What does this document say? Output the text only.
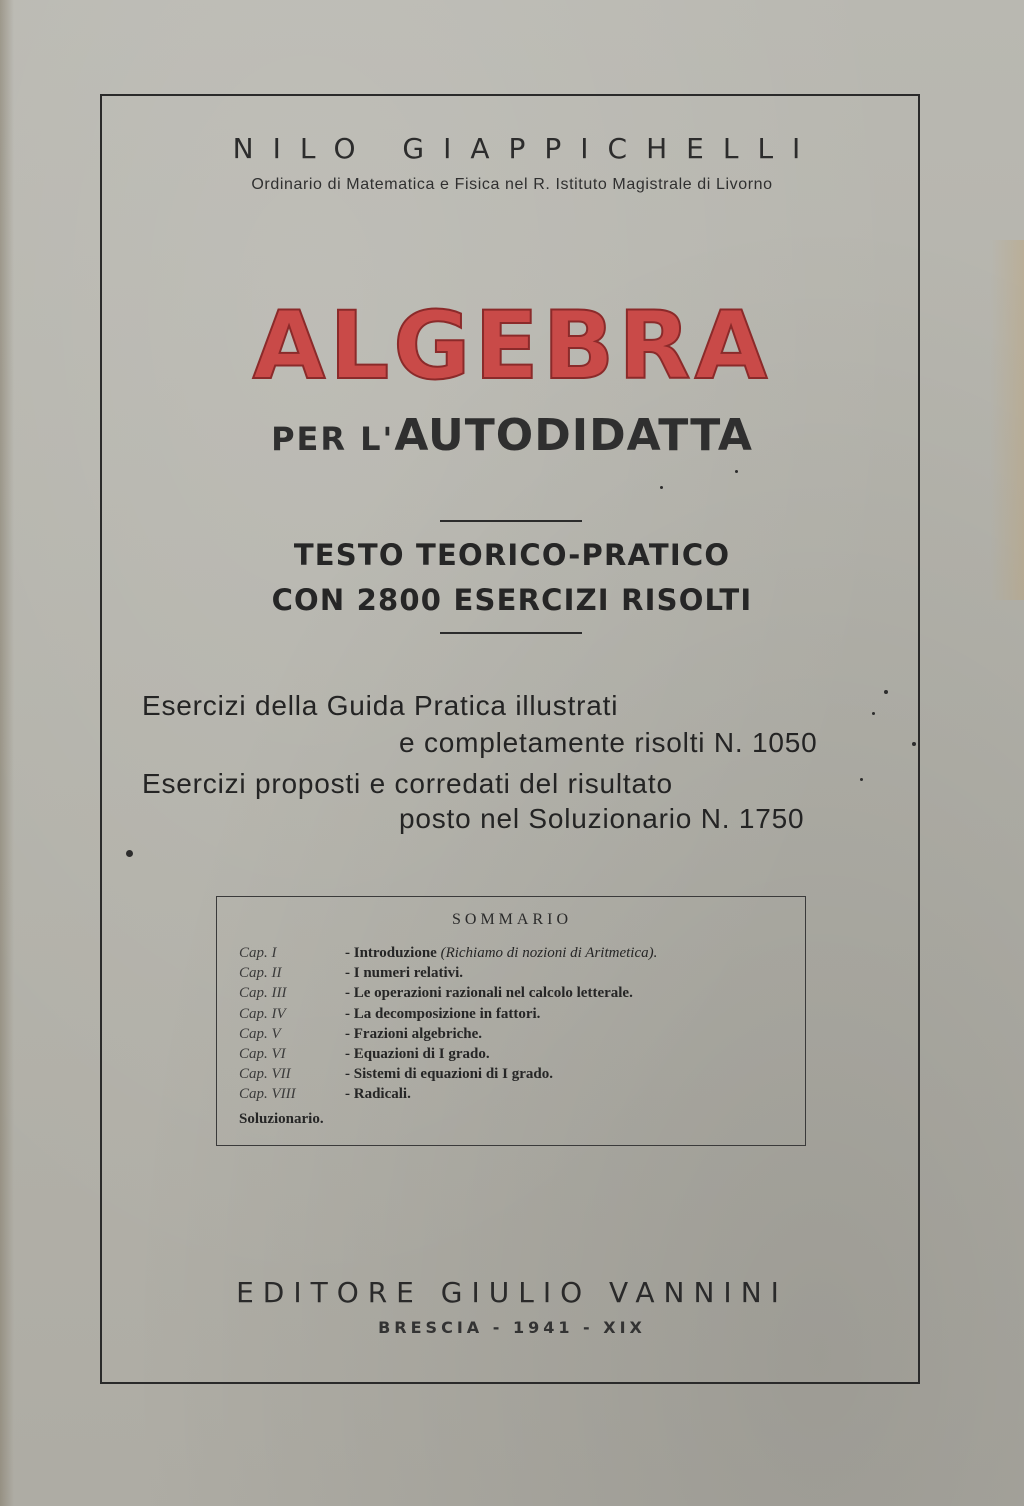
NILO GIAPPICHELLI
Ordinario di Matematica e Fisica nel R. Istituto Magistrale di Livorno
ALGEBRA
PER L'AUTODIDATTA
TESTO TEORICO-PRATICO
CON 2800 ESERCIZI RISOLTI
Esercizi della Guida Pratica illustrati
e completamente risolti N. 1050
Esercizi proposti e corredati del risultato
posto nel Soluzionario N. 1750
SOMMARIO
Cap. I	- Introduzione (Richiamo di nozioni di Aritmetica).
Cap. II	- I numeri relativi.
Cap. III	- Le operazioni razionali nel calcolo letterale.
Cap. IV	- La decomposizione in fattori.
Cap. V	- Frazioni algebriche.
Cap. VI	- Equazioni di I grado.
Cap. VII	- Sistemi di equazioni di I grado.
Cap. VIII	- Radicali.
Soluzionario.
EDITORE GIULIO VANNINI
BRESCIA - 1941 - XIX
